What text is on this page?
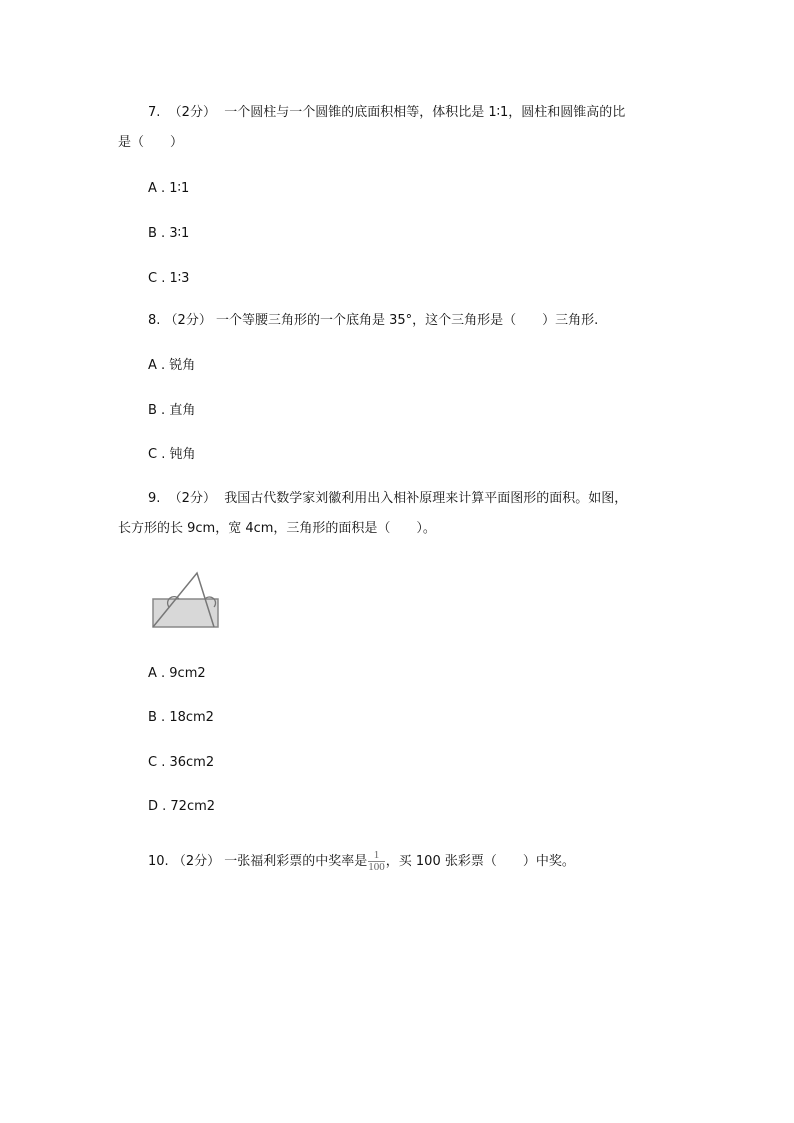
7. （2分） 一个圆柱与一个圆锥的底面积相等，体积比是 1∶1，圆柱和圆锥高的比
是（　　）
A . 1∶1
B . 3∶1
C . 1∶3
8. （2分） 一个等腰三角形的一个底角是 35°，这个三角形是（　　）三角形.
A . 锐角
B . 直角
C . 钝角
9. （2分） 我国古代数学家刘徽利用出入相补原理来计算平面图形的面积。如图，
长方形的长 9cm，宽 4cm，三角形的面积是（　　）。
A . 9cm2
B . 18cm2
C . 36cm2
D . 72cm2
10. （2分） 一张福利彩票的中奖率是 $\frac{1}{100}$ ，买 100 张彩票（　　）中奖。
